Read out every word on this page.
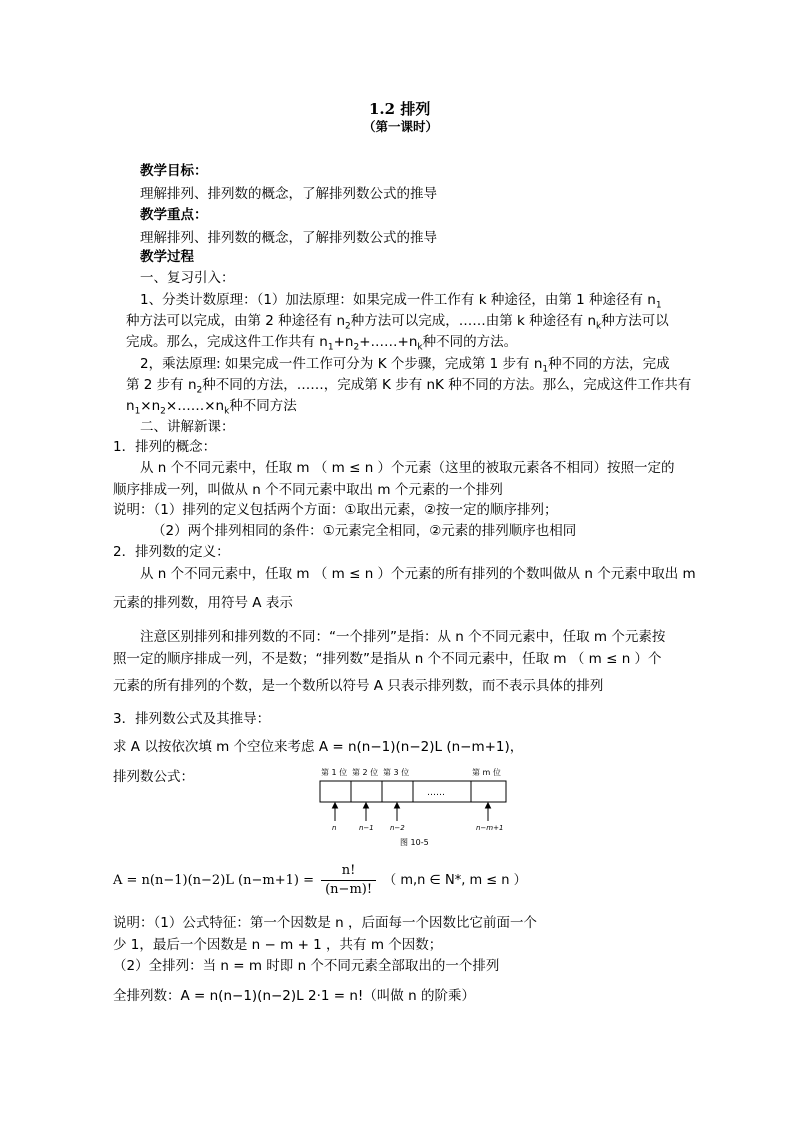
1.2 排列
（第一课时）
教学目标：
理解排列、排列数的概念，了解排列数公式的推导
教学重点：
理解排列、排列数的概念，了解排列数公式的推导
教学过程
一、复习引入：
1、分类计数原理：（1）加法原理：如果完成一件工作有 k 种途径，由第 1 种途径有 $n_1$
种方法可以完成，由第 2 种途径有 $n_2$种方法可以完成，……由第 k 种途径有 $n_k$种方法可以
完成。那么，完成这件工作共有 $n_1+n_2+\dots\dots+n_k$种不同的方法。
2，乘法原理: 如果完成一件工作可分为 K 个步骤，完成第 1 步有 $n_1$种不同的方法，完成
第 2 步有 $n_2$种不同的方法，……，完成第 K 步有 nK 种不同的方法。那么，完成这件工作共有
$n_1\times n_2\times\dots\dots\times n_k$种不同方法
二、讲解新课：
1．排列的概念：
从 n 个不同元素中，任取 m （ m ≤ n ）个元素（这里的被取元素各不相同）按照一定的
顺序排成一列，叫做从 n 个不同元素中取出 m 个元素的一个排列
说明：（1）排列的定义包括两个方面：①取出元素，②按一定的顺序排列；
（2）两个排列相同的条件：①元素完全相同，②元素的排列顺序也相同
2．排列数的定义：
从 n 个不同元素中，任取 m （ m ≤ n ）个元素的所有排列的个数叫做从 n 个元素中取出 m
元素的排列数，用符号 A 表示
注意区别排列和排列数的不同：“一个排列”是指：从 n 个不同元素中，任取 m 个元素按
照一定的顺序排成一列，不是数；“排列数”是指从 n 个不同元素中，任取 m （ m ≤ n ）个
元素的所有排列的个数，是一个数所以符号 A 只表示排列数，而不表示具体的排列
3．排列数公式及其推导：
求 A 以按依次填 m 个空位来考虑 A = n(n−1)(n−2)L (n−m+1)，
排列数公式：	第 1 位 第 2 位 第 3 位	第 m 位
……
n	n−1 n−2	n−m+1
图 10-5
A = n(n−1)(n−2)L $(n-m+1) = \frac{n!}{(n-m)!}$ （ m,n ∈ N*, m ≤ n ）
说明：（1）公式特征：第一个因数是 n ，后面每一个因数比它前面一个
少 1，最后一个因数是 n − m + 1 ，共有 m 个因数；
（2）全排列：当 n = m 时即 n 个不同元素全部取出的一个排列
全排列数：A = n(n−1)(n−2)L 2·1 = n!（叫做 n 的阶乘）
